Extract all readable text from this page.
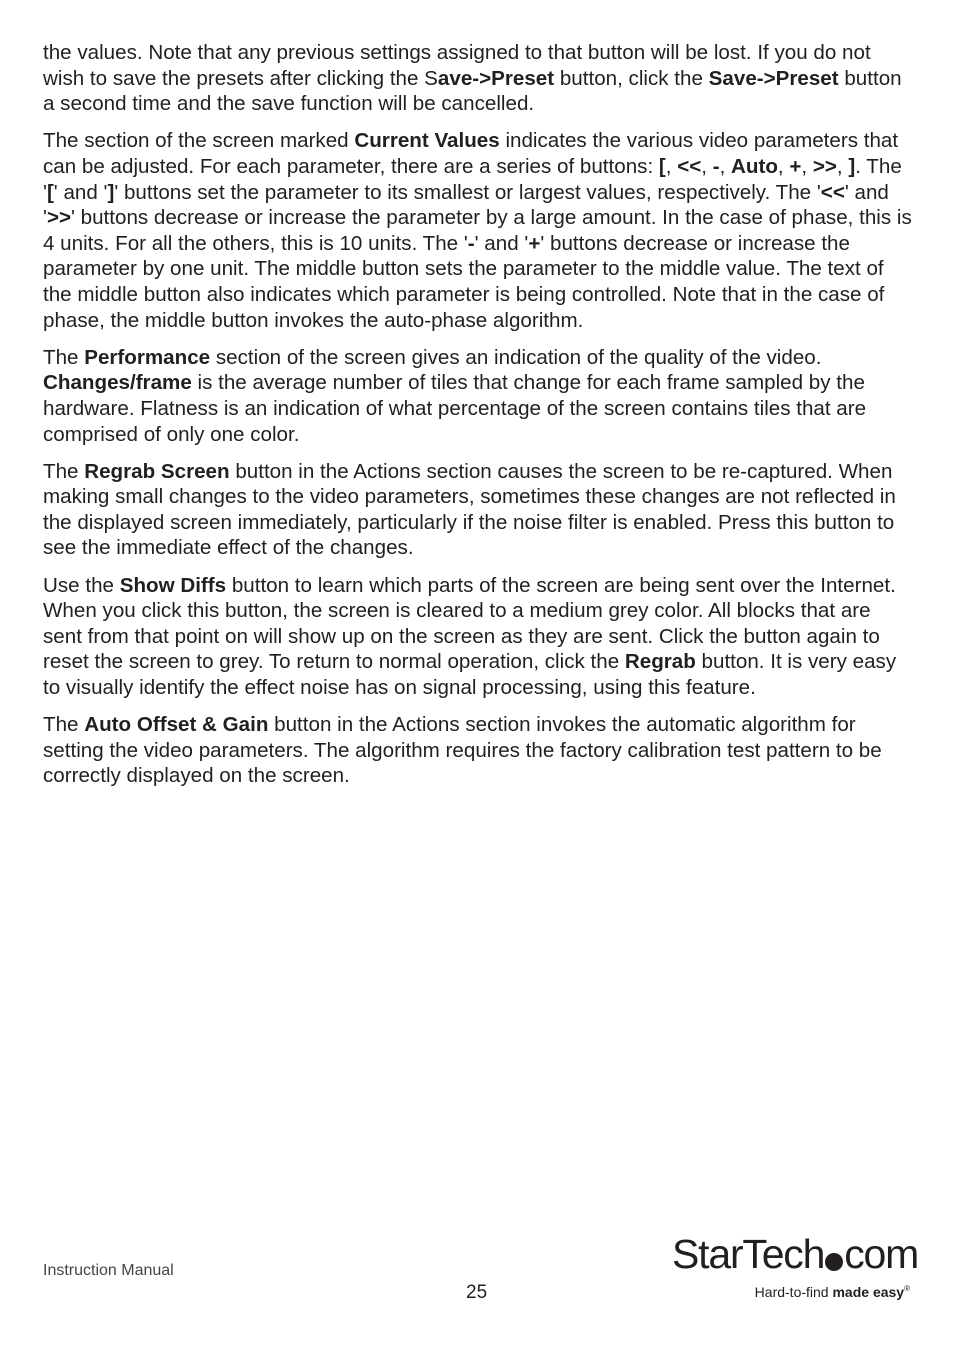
the values. Note that any previous settings assigned to that button will be lost. If you do not wish to save the presets after clicking the Save->Preset button, click the Save->Preset button a second time and the save function will be cancelled.

The section of the screen marked Current Values indicates the various video parameters that can be adjusted. For each parameter, there are a series of buttons: [, <<, -, Auto, +, >>, ]. The '[' and ']' buttons set the parameter to its smallest or largest values, respectively. The '<<' and '>>' buttons decrease or increase the parameter by a large amount. In the case of phase, this is 4 units. For all the others, this is 10 units. The '-' and '+' buttons decrease or increase the parameter by one unit. The middle button sets the parameter to the middle value. The text of the middle button also indicates which parameter is being controlled. Note that in the case of phase, the middle button invokes the auto-phase algorithm.

The Performance section of the screen gives an indication of the quality of the video. Changes/frame is the average number of tiles that change for each frame sampled by the hardware. Flatness is an indication of what percentage of the screen contains tiles that are comprised of only one color.

The Regrab Screen button in the Actions section causes the screen to be re-captured. When making small changes to the video parameters, sometimes these changes are not reflected in the displayed screen immediately, particularly if the noise filter is enabled. Press this button to see the immediate effect of the changes.

Use the Show Diffs button to learn which parts of the screen are being sent over the Internet. When you click this button, the screen is cleared to a medium grey color. All blocks that are sent from that point on will show up on the screen as they are sent. Click the button again to reset the screen to grey. To return to normal operation, click the Regrab button. It is very easy to visually identify the effect noise has on signal processing, using this feature.

The Auto Offset & Gain button in the Actions section invokes the automatic algorithm for setting the video parameters. The algorithm requires the factory calibration test pattern to be correctly displayed on the screen.

Instruction Manual
25
StarTech com
Hard-to-find made easy®
